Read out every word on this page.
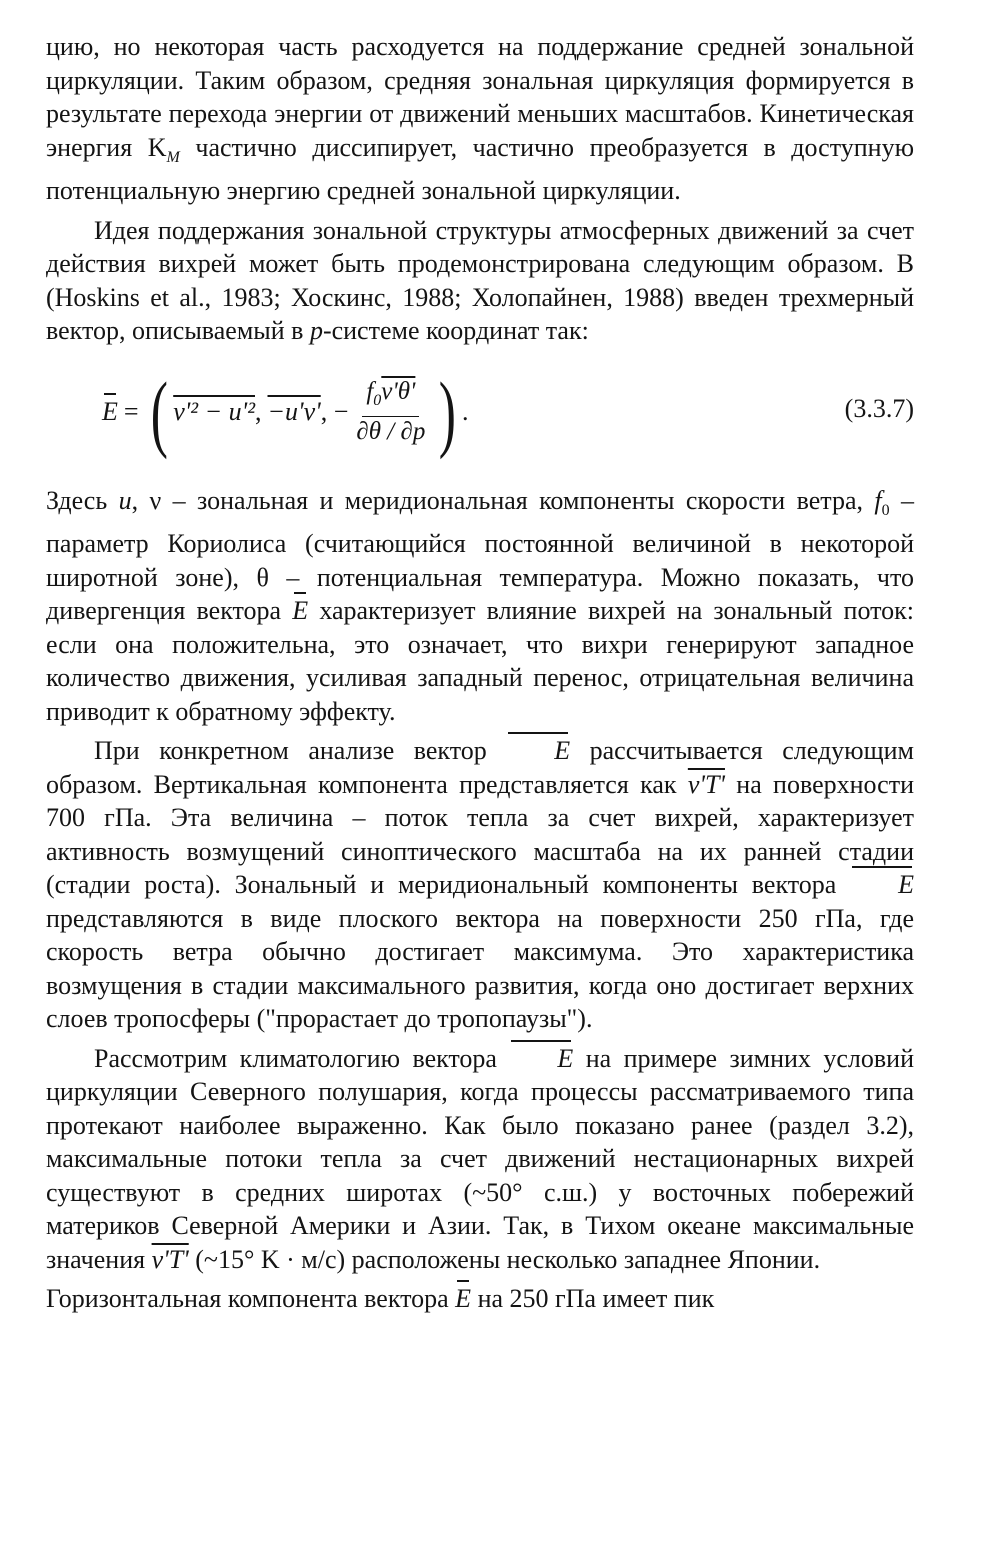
цию, но некоторая часть расходуется на поддержание средней зональной циркуляции. Таким образом, средняя зональная циркуляция формируется в результате перехода энергии от движений меньших масштабов. Кинетическая энергия $K_M$ частично диссипирует, частично преобразуется в доступную потенциальную энергию средней зональной циркуляции.

Идея поддержания зональной структуры атмосферных движений за счет действия вихрей может быть продемонстрирована следующим образом. В (Hoskins et al., 1983; Хоскинс, 1988; Холопайнен, 1988) введен трехмерный вектор, описываемый в p-системе координат так:

E = ( v'² − u'² , −u'v' , − $\frac{f_0v'\theta'}{\partial\theta / \partial p}$ ) .	(3.3.7)

Здесь u, ν – зональная и меридиональная компоненты скорости ветра, $f_0$ – параметр Кориолиса (считающийся постоянной величиной в некоторой широтной зоне), θ – потенциальная температура. Можно показать, что дивергенция вектора E характеризует влияние вихрей на зональный поток: если она положительна, это означает, что вихри генерируют западное количество движения, усиливая западный перенос, отрицательная величина приводит к обратному эффекту.

При конкретном анализе вектор E рассчитывается следующим образом. Вертикальная компонента представляется как v'T' на поверхности 700 гПа. Эта величина – поток тепла за счет вихрей, характеризует активность возмущений синоптического масштаба на их ранней стадии (стадии роста). Зональный и меридиональный компоненты вектора E представляются в виде плоского вектора на поверхности 250 гПа, где скорость ветра обычно достигает максимума. Это характеристика возмущения в стадии максимального развития, когда оно достигает верхних слоев тропосферы ("прорастает до тропопаузы").

Рассмотрим климатологию вектора E на примере зимних условий циркуляции Северного полушария, когда процессы рассматриваемого типа протекают наиболее выраженно. Как было показано ранее (раздел 3.2), максимальные потоки тепла за счет движений нестационарных вихрей существуют в средних широтах (~50° с.ш.) у восточных побережий материков Северной Америки и Азии. Так, в Тихом океане максимальные значения v'T' (~15° K · м/с) расположены несколько западнее Японии.

Горизонтальная компонента вектора E на 250 гПа имеет пик
